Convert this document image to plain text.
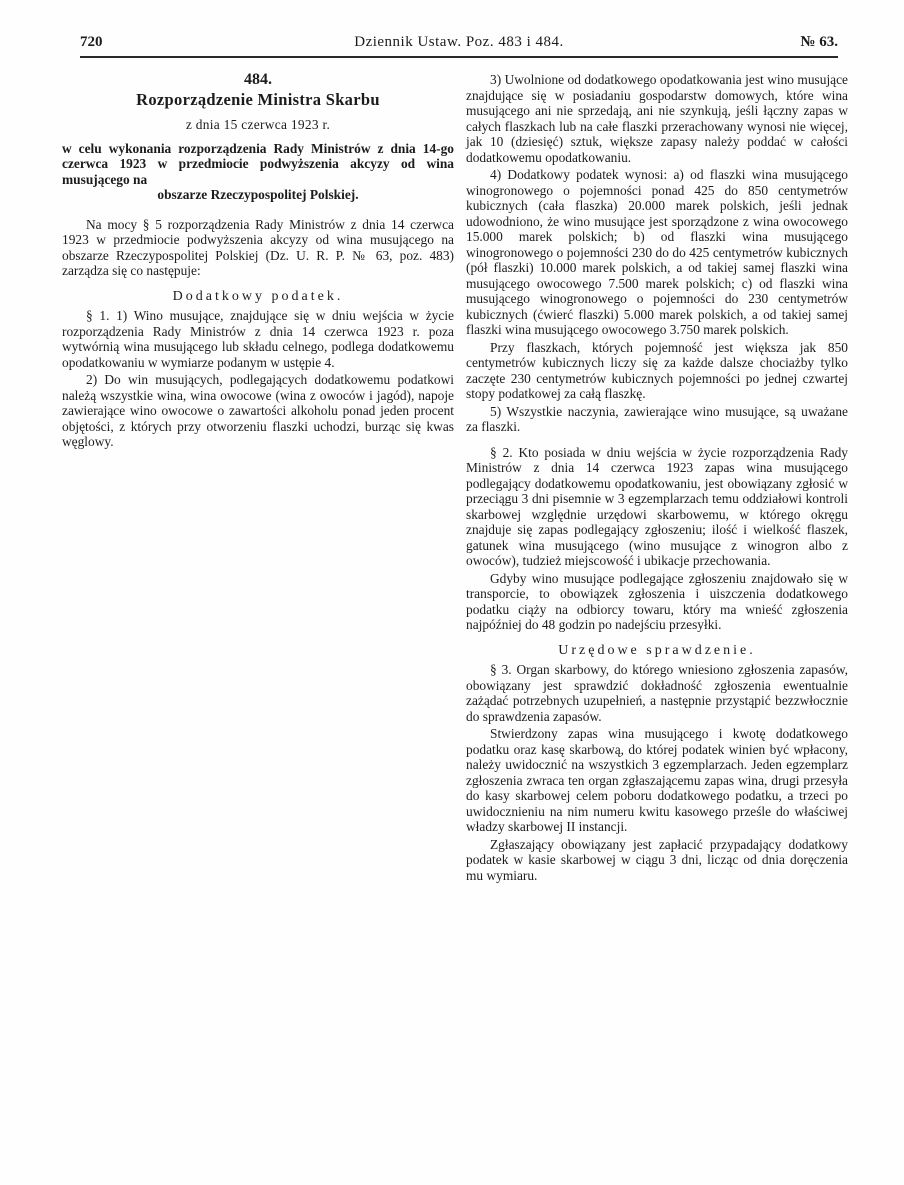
720	Dziennik Ustaw. Poz. 483 i 484.	№ 63.

484.

Rozporządzenie Ministra Skarbu

z dnia 15 czerwca 1923 r.

w celu wykonania rozporządzenia Rady Ministrów z dnia 14-go czerwca 1923 w przedmiocie podwyższenia akcyzy od wina musującego na
obszarze Rzeczypospolitej Polskiej.

Na mocy § 5 rozporządzenia Rady Ministrów z dnia 14 czerwca 1923 w przedmiocie podwyższenia akcyzy od wina musującego na obszarze Rzeczypospolitej Polskiej (Dz. U. R. P. № 63, poz. 483) zarządza się co następuje:

Dodatkowy podatek.

§ 1. 1) Wino musujące, znajdujące się w dniu wejścia w życie rozporządzenia Rady Ministrów z dnia 14 czerwca 1923 r. poza wytwórnią wina musującego lub składu celnego, podlega dodatkowemu opodatkowaniu w wymiarze podanym w ustępie 4.

2) Do win musujących, podlegających dodatkowemu podatkowi należą wszystkie wina, wina owocowe (wina z owoców i jagód), napoje zawierające wino owocowe o zawartości alkoholu ponad jeden procent objętości, z których przy otworzeniu flaszki uchodzi, burząc się kwas węglowy.

3) Uwolnione od dodatkowego opodatkowania jest wino musujące znajdujące się w posiadaniu gospodarstw domowych, które wina musującego ani nie sprzedają, ani nie szynkują, jeśli łączny zapas w całych flaszkach lub na całe flaszki przerachowany wynosi nie więcej, jak 10 (dziesięć) sztuk, większe zapasy należy poddać w całości dodatkowemu opodatkowaniu.

4) Dodatkowy podatek wynosi: a) od flaszki wina musującego winogronowego o pojemności ponad 425 do 850 centymetrów kubicznych (cała flaszka) 20.000 marek polskich, jeśli jednak udowodniono, że wino musujące jest sporządzone z wina owocowego 15.000 marek polskich; b) od flaszki wina musującego winogronowego o pojemności 230 do do 425 centymetrów kubicznych (pół flaszki) 10.000 marek polskich, a od takiej samej flaszki wina musującego owocowego 7.500 marek polskich; c) od flaszki wina musującego winogronowego o pojemności do 230 centymetrów kubicznych (ćwierć flaszki) 5.000 marek polskich, a od takiej samej flaszki wina musującego owocowego 3.750 marek polskich.

Przy flaszkach, których pojemność jest większa jak 850 centymetrów kubicznych liczy się za każde dalsze chociażby tylko zaczęte 230 centymetrów kubicznych pojemności po jednej czwartej stopy podatkowej za całą flaszkę.

5) Wszystkie naczynia, zawierające wino musujące, są uważane za flaszki.

§ 2. Kto posiada w dniu wejścia w życie rozporządzenia Rady Ministrów z dnia 14 czerwca 1923 zapas wina musującego podlegający dodatkowemu opodatkowaniu, jest obowiązany zgłosić w przeciągu 3 dni pisemnie w 3 egzemplarzach temu oddziałowi kontroli skarbowej względnie urzędowi skarbowemu, w którego okręgu znajduje się zapas podlegający zgłoszeniu; ilość i wielkość flaszek, gatunek wina musującego (wino musujące z winogron albo z owoców), tudzież miejscowość i ubikacje przechowania.

Gdyby wino musujące podlegające zgłoszeniu znajdowało się w transporcie, to obowiązek zgłoszenia i uiszczenia dodatkowego podatku ciąży na odbiorcy towaru, który ma wnieść zgłoszenia najpóźniej do 48 godzin po nadejściu przesyłki.

Urzędowe sprawdzenie.

§ 3. Organ skarbowy, do którego wniesiono zgłoszenia zapasów, obowiązany jest sprawdzić dokładność zgłoszenia ewentualnie zażądać potrzebnych uzupełnień, a następnie przystąpić bezzwłocznie do sprawdzenia zapasów.

Stwierdzony zapas wina musującego i kwotę dodatkowego podatku oraz kasę skarbową, do której podatek winien być wpłacony, należy uwidocznić na wszystkich 3 egzemplarzach. Jeden egzemplarz zgłoszenia zwraca ten organ zgłaszającemu zapas wina, drugi przesyła do kasy skarbowej celem poboru dodatkowego podatku, a trzeci po uwidocznieniu na nim numeru kwitu kasowego prześle do właściwej władzy skarbowej II instancji.

Zgłaszający obowiązany jest zapłacić przypadający dodatkowy podatek w kasie skarbowej w ciągu 3 dni, licząc od dnia doręczenia mu wymiaru.
